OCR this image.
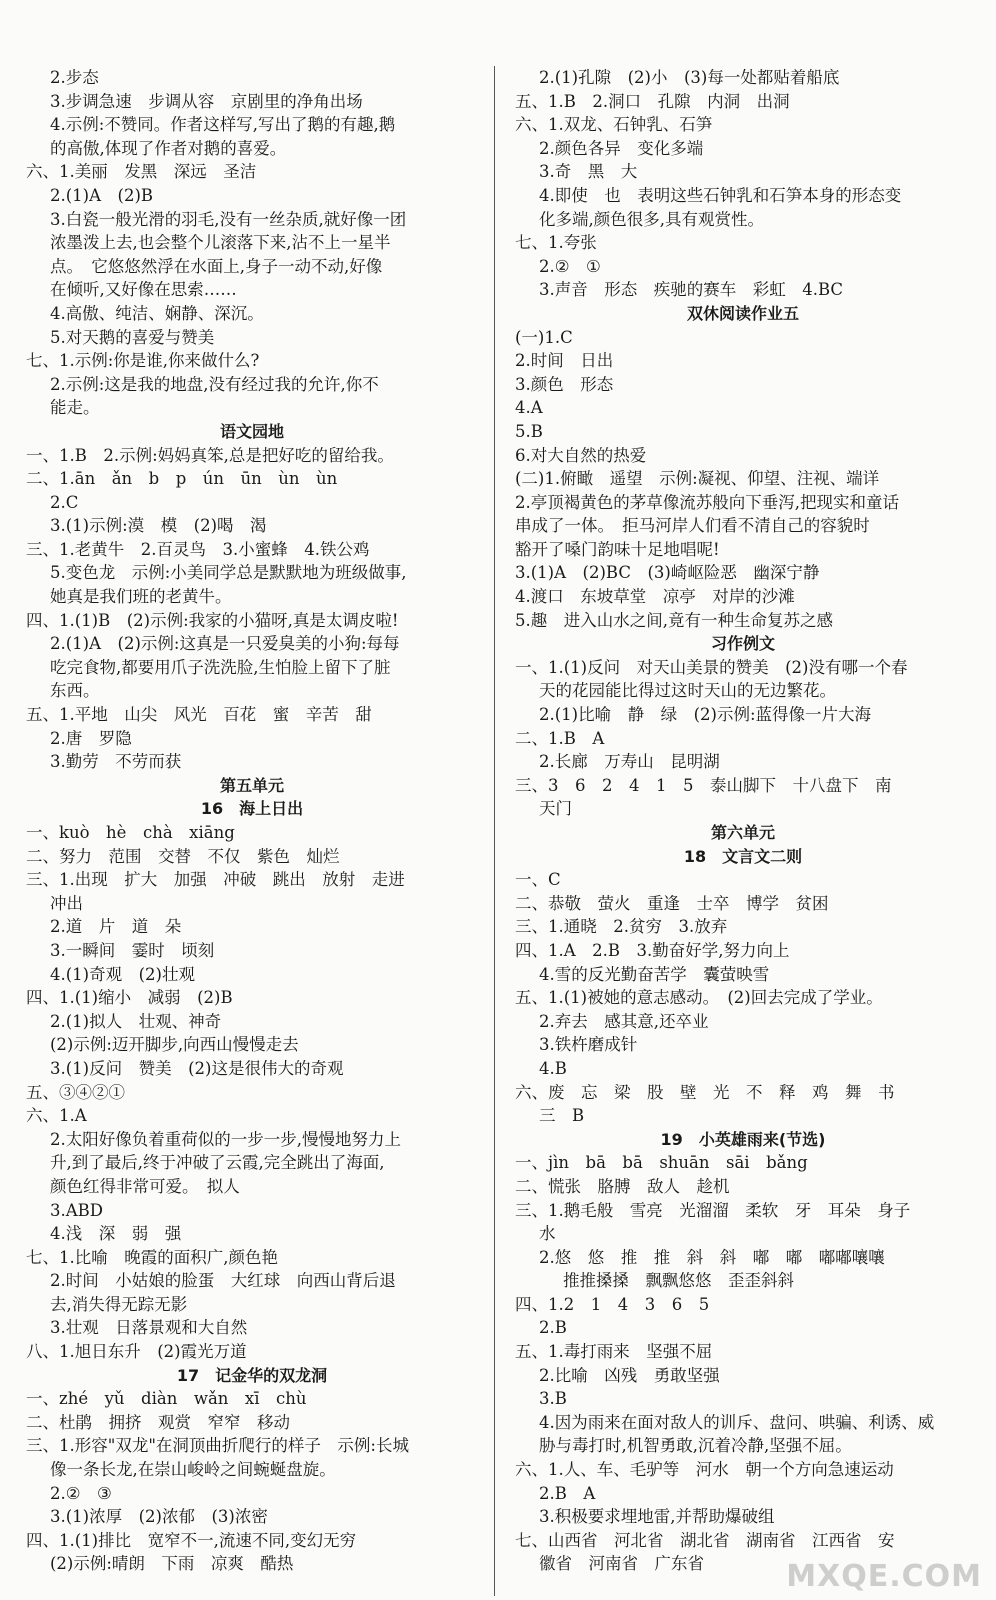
2.步态
3.步调急速　步调从容　京剧里的净角出场
4.示例:不赞同。作者这样写,写出了鹅的有趣,鹅
的高傲,体现了作者对鹅的喜爱。
六、1.美丽　发黑　深远　圣洁
2.(1)A　(2)B
3.白瓷一般光滑的羽毛,没有一丝杂质,就好像一团
浓墨泼上去,也会整个儿滚落下来,沾不上一星半
点。　它悠悠然浮在水面上,身子一动不动,好像
在倾听,又好像在思索……
4.高傲、纯洁、娴静、深沉。
5.对天鹅的喜爱与赞美
七、1.示例:你是谁,你来做什么?
2.示例:这是我的地盘,没有经过我的允许,你不
能走。
语文园地
一、1.B　2.示例:妈妈真笨,总是把好吃的留给我。
二、1.ān　ǎn　b　p　ún　ūn　ùn　ùn
2.C
3.(1)示例:漠　模　(2)喝　渴
三、1.老黄牛　2.百灵鸟　3.小蜜蜂　4.铁公鸡
5.变色龙　示例:小美同学总是默默地为班级做事,
她真是我们班的老黄牛。
四、1.(1)B　(2)示例:我家的小猫呀,真是太调皮啦!
2.(1)A　(2)示例:这真是一只爱臭美的小狗:每每
吃完食物,都要用爪子洗洗脸,生怕脸上留下了脏
东西。
五、1.平地　山尖　风光　百花　蜜　辛苦　甜
2.唐　罗隐
3.勤劳　不劳而获
第五单元
16　海上日出
一、kuò　hè　chà　xiāng
二、努力　范围　交替　不仅　紫色　灿烂
三、1.出现　扩大　加强　冲破　跳出　放射　走进
冲出
2.道　片　道　朵
3.一瞬间　霎时　顷刻
4.(1)奇观　(2)壮观
四、1.(1)缩小　减弱　(2)B
2.(1)拟人　壮观、神奇
(2)示例:迈开脚步,向西山慢慢走去
3.(1)反问　赞美　(2)这是很伟大的奇观
五、③④②①
六、1.A
2.太阳好像负着重荷似的一步一步,慢慢地努力上
升,到了最后,终于冲破了云霞,完全跳出了海面,
颜色红得非常可爱。　拟人
3.ABD
4.浅　深　弱　强
七、1.比喻　晚霞的面积广,颜色艳
2.时间　小姑娘的脸蛋　大红球　向西山背后退
去,消失得无踪无影
3.壮观　日落景观和大自然
八、1.旭日东升　(2)霞光万道
17　记金华的双龙洞
一、zhé　yǔ　diàn　wǎn　xī　chù
二、杜鹃　拥挤　观赏　窄窄　移动
三、1.形容"双龙"在洞顶曲折爬行的样子　示例:长城
像一条长龙,在崇山峻岭之间蜿蜒盘旋。
2.②　③
3.(1)浓厚　(2)浓郁　(3)浓密
四、1.(1)排比　宽窄不一,流速不同,变幻无穷
(2)示例:晴朗　下雨　凉爽　酷热
2.(1)孔隙　(2)小　(3)每一处都贴着船底
五、1.B　2.洞口　孔隙　内洞　出洞
六、1.双龙、石钟乳、石笋
2.颜色各异　变化多端
3.奇　黑　大
4.即使　也　表明这些石钟乳和石笋本身的形态变
化多端,颜色很多,具有观赏性。
七、1.夸张
2.②　①
3.声音　形态　疾驰的赛车　彩虹　4.BC
双休阅读作业五
(一)1.C
2.时间　日出
3.颜色　形态
4.A
5.B
6.对大自然的热爱
(二)1.俯瞰　遥望　示例:凝视、仰望、注视、端详
2.亭顶褐黄色的茅草像流苏般向下垂泻,把现实和童话
串成了一体。　拒马河岸人们看不清自己的容貌时
豁开了嗓门韵味十足地唱呢!
3.(1)A　(2)BC　(3)崎岖险恶　幽深宁静
4.渡口　东坡草堂　凉亭　对岸的沙滩
5.趣　进入山水之间,竟有一种生命复苏之感
习作例文
一、1.(1)反问　对天山美景的赞美　(2)没有哪一个春
天的花园能比得过这时天山的无边繁花。
2.(1)比喻　静　绿　(2)示例:蓝得像一片大海
二、1.B　A
2.长廊　万寿山　昆明湖
三、3　6　2　4　1　5　泰山脚下　十八盘下　南
天门
第六单元
18　文言文二则
一、C
二、恭敬　萤火　重逢　士卒　博学　贫困
三、1.通晓　2.贫穷　3.放弃
四、1.A　2.B　3.勤奋好学,努力向上
4.雪的反光勤奋苦学　囊萤映雪
五、1.(1)被她的意志感动。　(2)回去完成了学业。
2.弃去　感其意,还卒业
3.铁杵磨成针
4.B
六、废　忘　梁　股　壁　光　不　释　鸡　舞　书
三　B
19　小英雄雨来(节选)
一、jìn　bā　bā　shuān　sāi　bǎng
二、慌张　胳膊　敌人　趁机
三、1.鹅毛般　雪亮　光溜溜　柔软　牙　耳朵　身子
水
2.悠　悠　推　推　斜　斜　嘟　嘟　嘟嘟嚷嚷
推推搡搡　飘飘悠悠　歪歪斜斜
四、1.2　1　4　3　6　5
2.B
五、1.毒打雨来　坚强不屈
2.比喻　凶残　勇敢坚强
3.B
4.因为雨来在面对敌人的训斥、盘问、哄骗、利诱、威
胁与毒打时,机智勇敢,沉着冷静,坚强不屈。
六、1.人、车、毛驴等　河水　朝一个方向急速运动
2.B　A
3.积极要求埋地雷,并帮助爆破组
七、山西省　河北省　湖北省　湖南省　江西省　安
徽省　河南省　广东省	MXQE.COM
